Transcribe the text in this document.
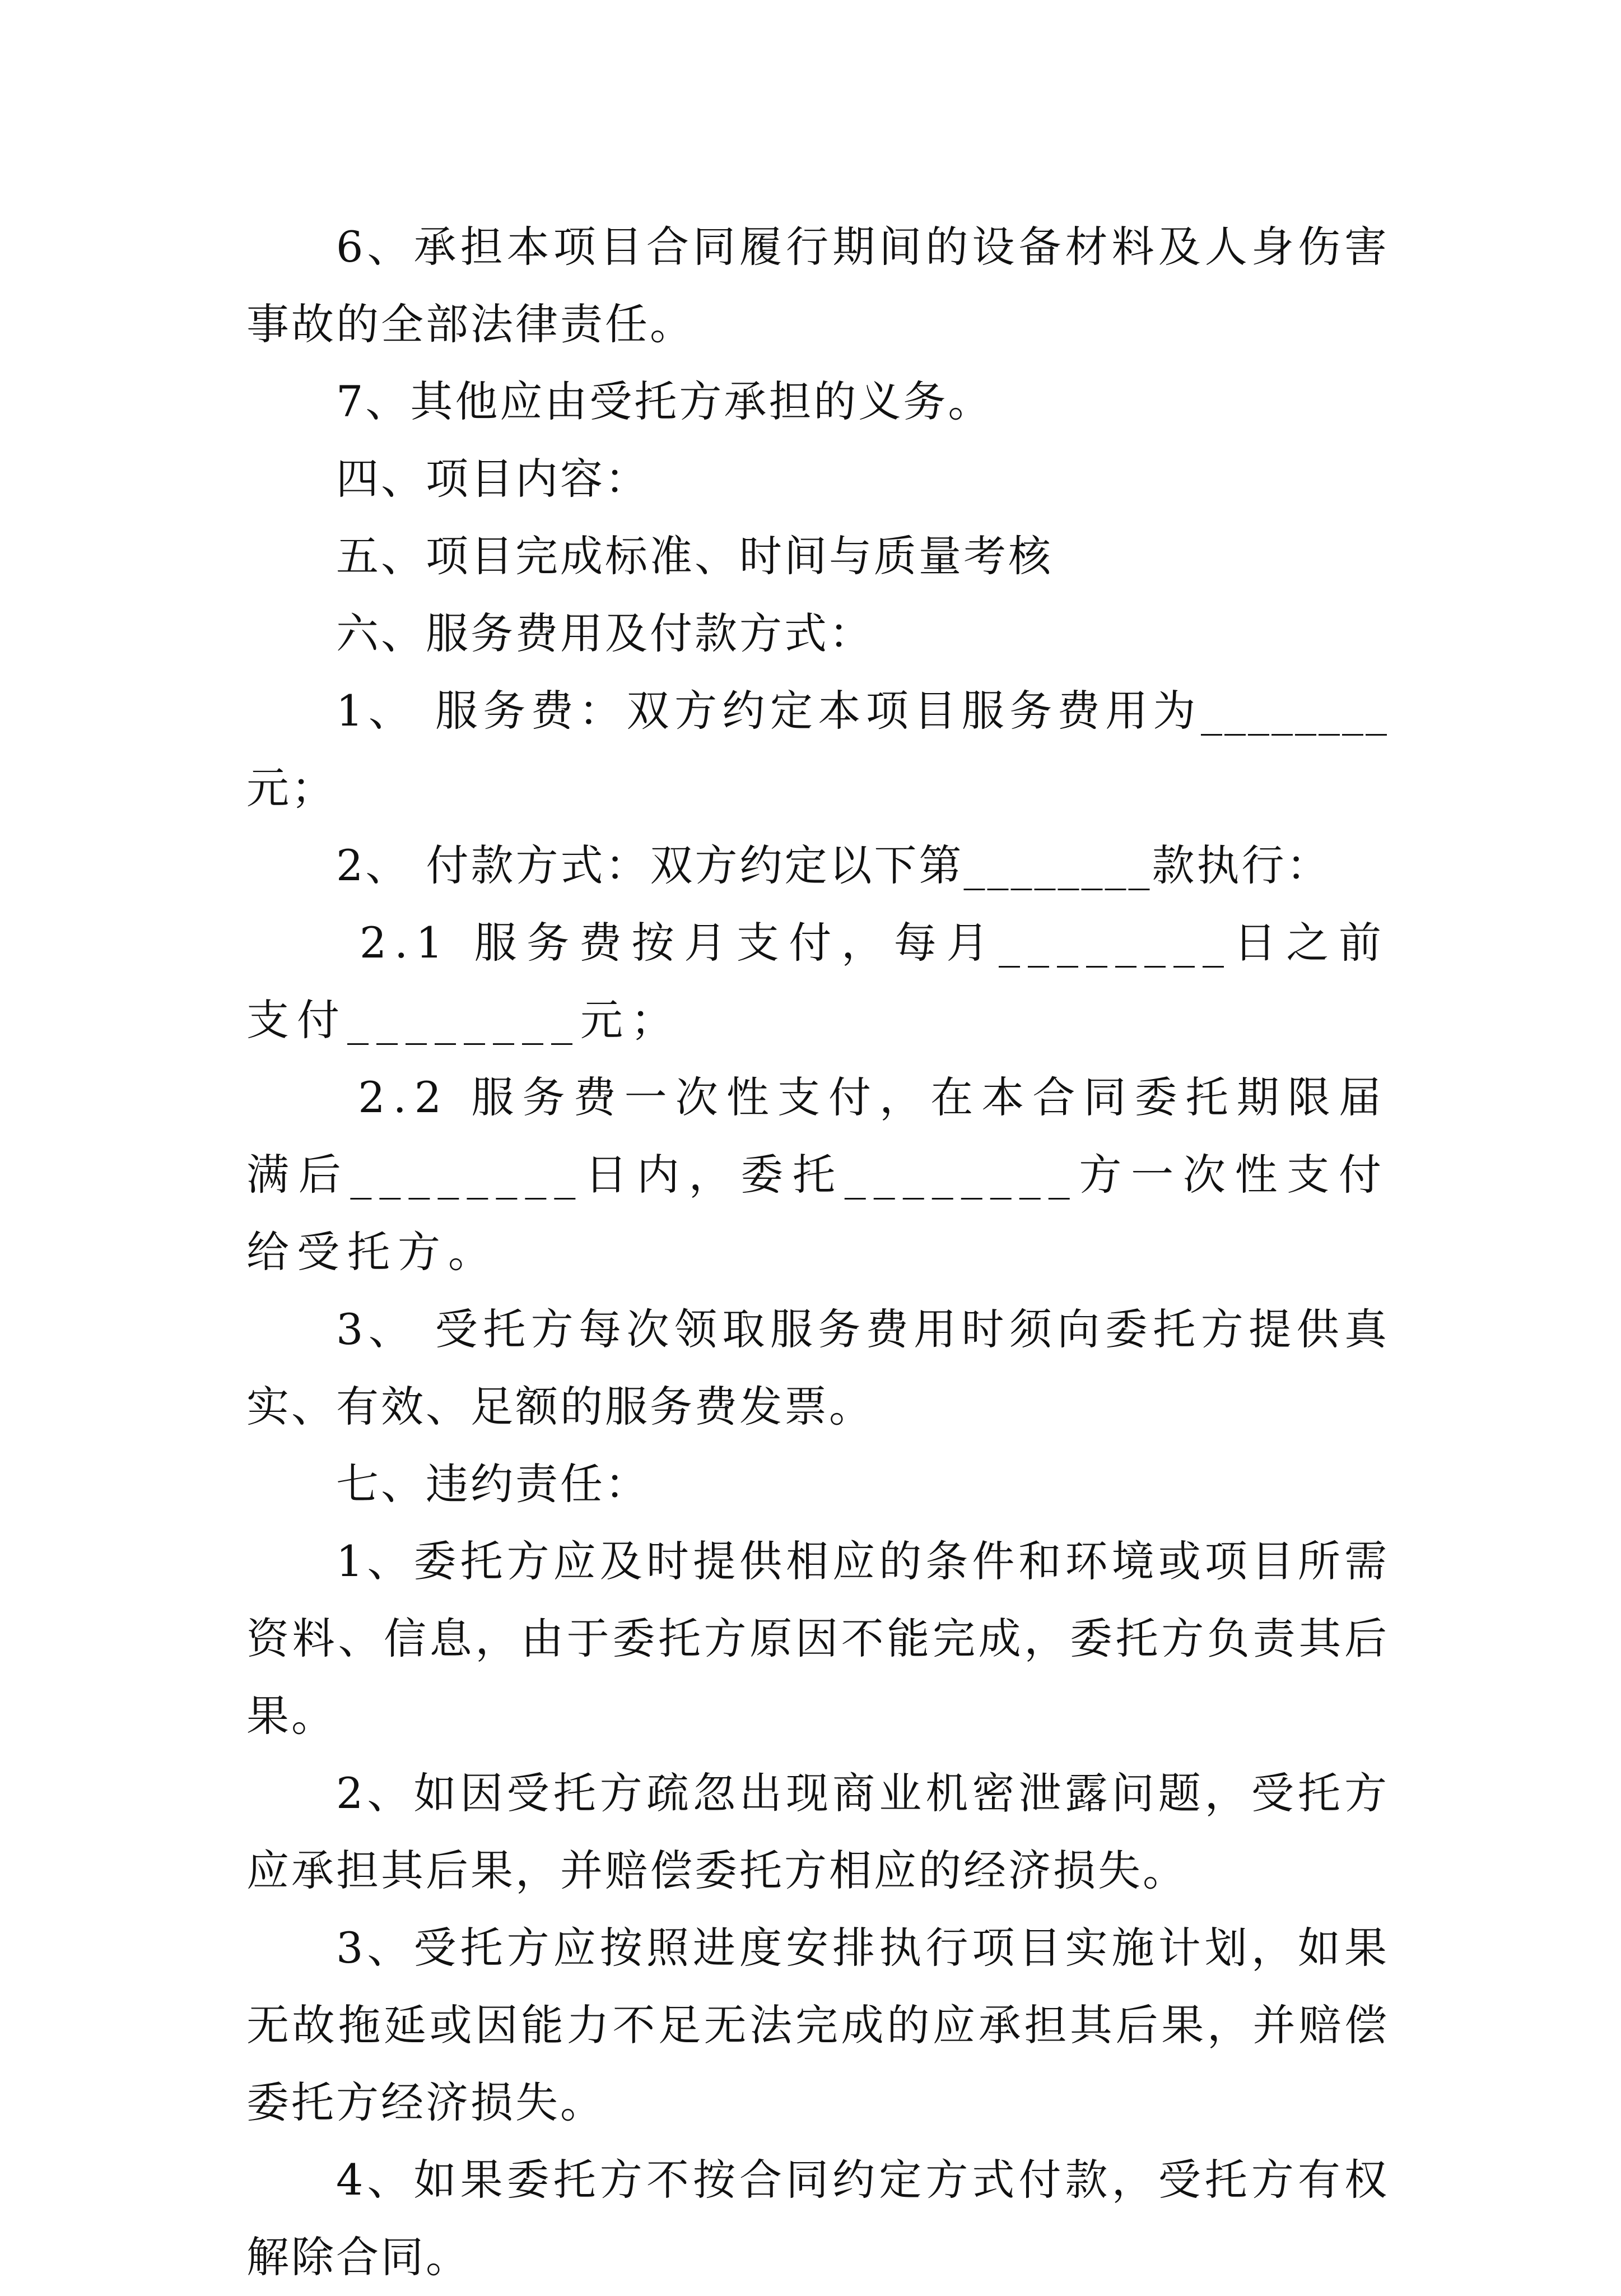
6、承担本项目合同履行期间的设备材料及人身伤害事故的全部法律责任。

7、其他应由受托方承担的义务。

四、项目内容：

五、项目完成标准、时间与质量考核

六、服务费用及付款方式：

1、 服务费：双方约定本项目服务费用为________元；

2、 付款方式：双方约定以下第________款执行：

2.1 服务费按月支付，每月________日之前支付________元；

2.2 服务费一次性支付，在本合同委托期限届满后________日内，委托________方一次性支付给受托方。

3、 受托方每次领取服务费用时须向委托方提供真实、有效、足额的服务费发票。

七、违约责任：

1、委托方应及时提供相应的条件和环境或项目所需资料、信息，由于委托方原因不能完成，委托方负责其后果。

2、如因受托方疏忽出现商业机密泄露问题，受托方应承担其后果，并赔偿委托方相应的经济损失。

3、受托方应按照进度安排执行项目实施计划，如果无故拖延或因能力不足无法完成的应承担其后果，并赔偿委托方经济损失。

4、如果委托方不按合同约定方式付款，受托方有权解除合同。
